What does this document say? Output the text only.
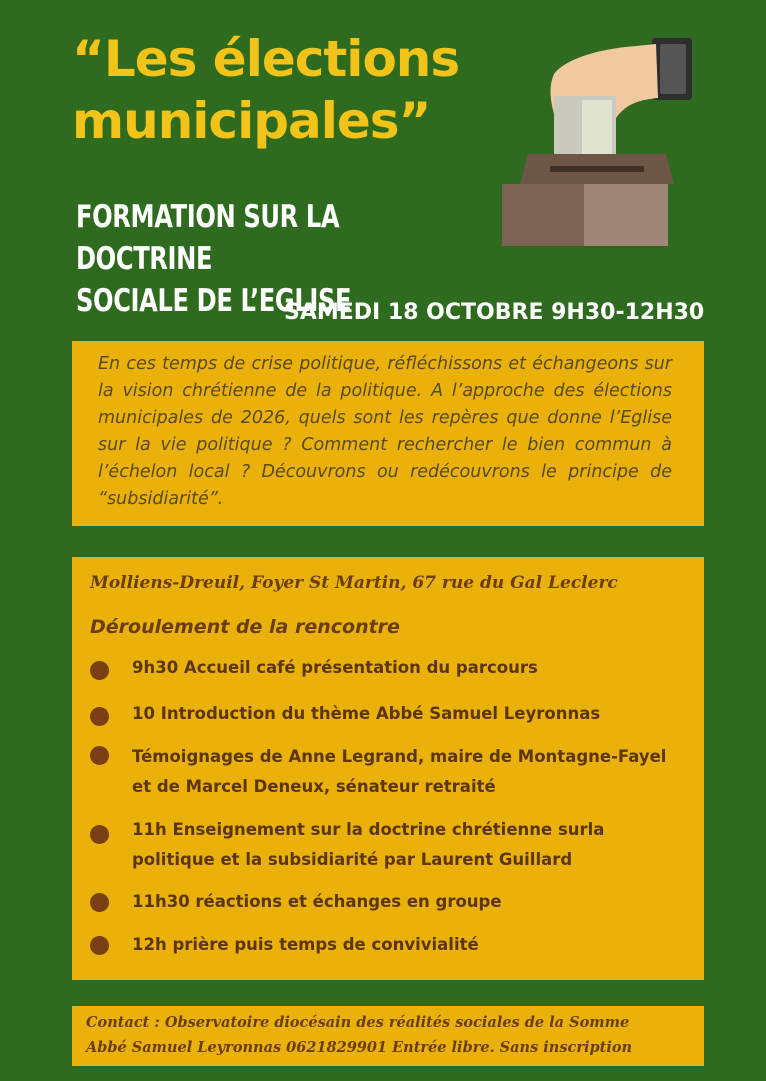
“Les élections
municipales”
FORMATION SUR LA DOCTRINE
SOCIALE DE L’EGLISE
SAMEDI 18 OCTOBRE 9H30-12H30

En ces temps de crise politique, réfléchissons et échangeons sur la vision chrétienne de la politique. A l’approche des élections municipales de 2026, quels sont les repères que donne l’Eglise sur la vie politique ? Comment rechercher le bien commun à l’échelon local ? Découvrons ou redécouvrons le principe de “subsidiarité”.

Molliens-Dreuil, Foyer St Martin, 67 rue du Gal Leclerc
Déroulement de la rencontre
9h30 Accueil café présentation du parcours
10 Introduction du thème Abbé Samuel Leyronnas
Témoignages de Anne Legrand, maire de Montagne-Fayel et de Marcel Deneux, sénateur retraité
11h Enseignement sur la doctrine chrétienne surla politique et la subsidiarité par Laurent Guillard
11h30 réactions et échanges en groupe
12h prière puis temps de convivialité
Contact : Observatoire diocésain des réalités sociales de la Somme
Abbé Samuel Leyronnas 0621829901 Entrée libre. Sans inscription
